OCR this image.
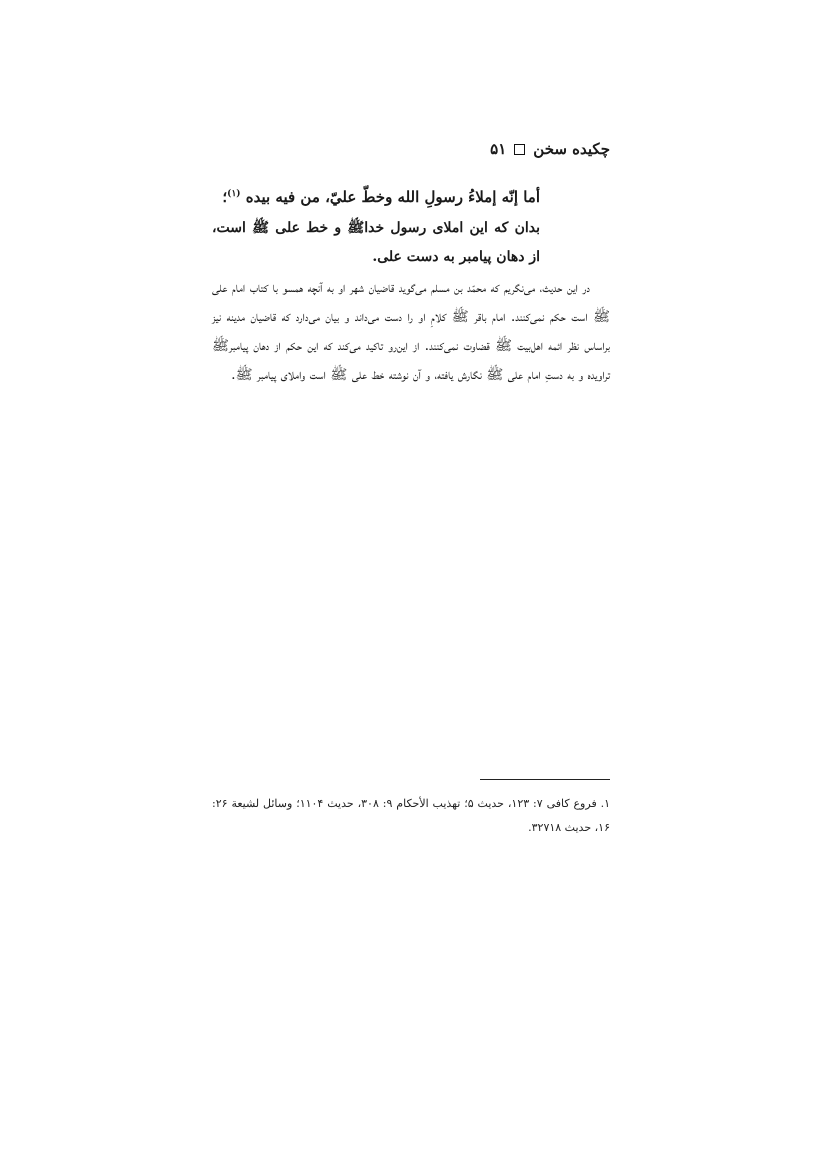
چکیده سخن
۵۱

أما إنّه إملاءُ رسولِ الله وخطّ عليّ، من فيه بيده $^{(۱)}$؛

بدان که این املای رسول خداﷺ و خط علی ﷺ است، از دهان پیامبر به دست علی.

در این حدیث، می‌نگریم که محمّد بن مسلم می‌گوید قاضیان شهر او به آنچه همسو با کتاب امام علی ﷺ است حکم نمی‌کنند. امام باقر ﷺ کلامِ او را دست می‌داند و بیان می‌دارد که قاضیان مدینه نیز براساس نظر ائمه اهل‌بیت ﷺ قضاوت نمی‌کنند. از این‌رو تاکید می‌کند که این حکم از دهان پیامبرﷺ تراویده و به دستِ امام علی ﷺ نگارش یافته، و آن نوشته خط علی ﷺ است واملای پیامبر ﷺ.

۱. فروع کافی ۷: ۱۲۳، حدیث ۵؛ تهذیب الأحکام ۹: ۳۰۸، حدیث ۱۱۰۴؛ وسائل لشیعة ۲۶: ۱۶، حدیث ۳۲۷۱۸.
